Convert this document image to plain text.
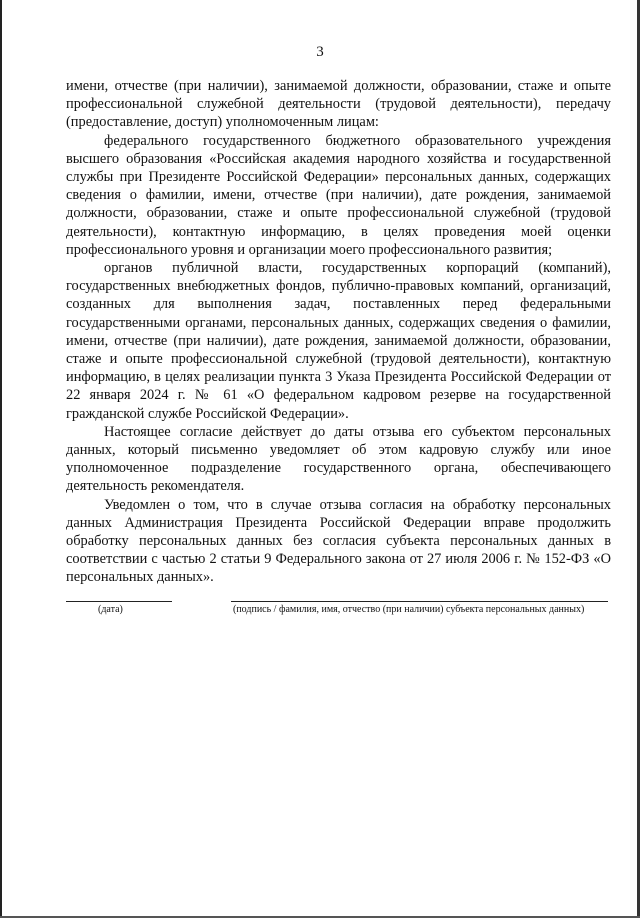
3

имени, отчестве (при наличии), занимаемой должности, образовании, стаже и опыте профессиональной служебной деятельности (трудовой деятельности), передачу (предоставление, доступ) уполномоченным лицам:

федерального государственного бюджетного образовательного учреждения высшего образования «Российская академия народного хозяйства и государственной службы при Президенте Российской Федерации» персональных данных, содержащих сведения о фамилии, имени, отчестве (при наличии), дате рождения, занимаемой должности, образовании, стаже и опыте профессиональной служебной (трудовой деятельности), контактную информацию, в целях проведения моей оценки профессионального уровня и организации моего профессионального развития;

органов публичной власти, государственных корпораций (компаний), государственных внебюджетных фондов, публично-правовых компаний, организаций, созданных для выполнения задач, поставленных перед федеральными государственными органами, персональных данных, содержащих сведения о фамилии, имени, отчестве (при наличии), дате рождения, занимаемой должности, образовании, стаже и опыте профессиональной служебной (трудовой деятельности), контактную информацию, в целях реализации пункта 3 Указа Президента Российской Федерации от 22 января 2024 г. № 61 «О федеральном кадровом резерве на государственной гражданской службе Российской Федерации».

Настоящее согласие действует до даты отзыва его субъектом персональных данных, который письменно уведомляет об этом кадровую службу или иное уполномоченное подразделение государственного органа, обеспечивающего деятельность рекомендателя.

Уведомлен о том, что в случае отзыва согласия на обработку персональных данных Администрация Президента Российской Федерации вправе продолжить обработку персональных данных без согласия субъекта персональных данных в соответствии с частью 2 статьи 9 Федерального закона от 27 июля 2006 г. № 152-ФЗ «О персональных данных».

(дата)	(подпись / фамилия, имя, отчество (при наличии) субъекта персональных данных)
